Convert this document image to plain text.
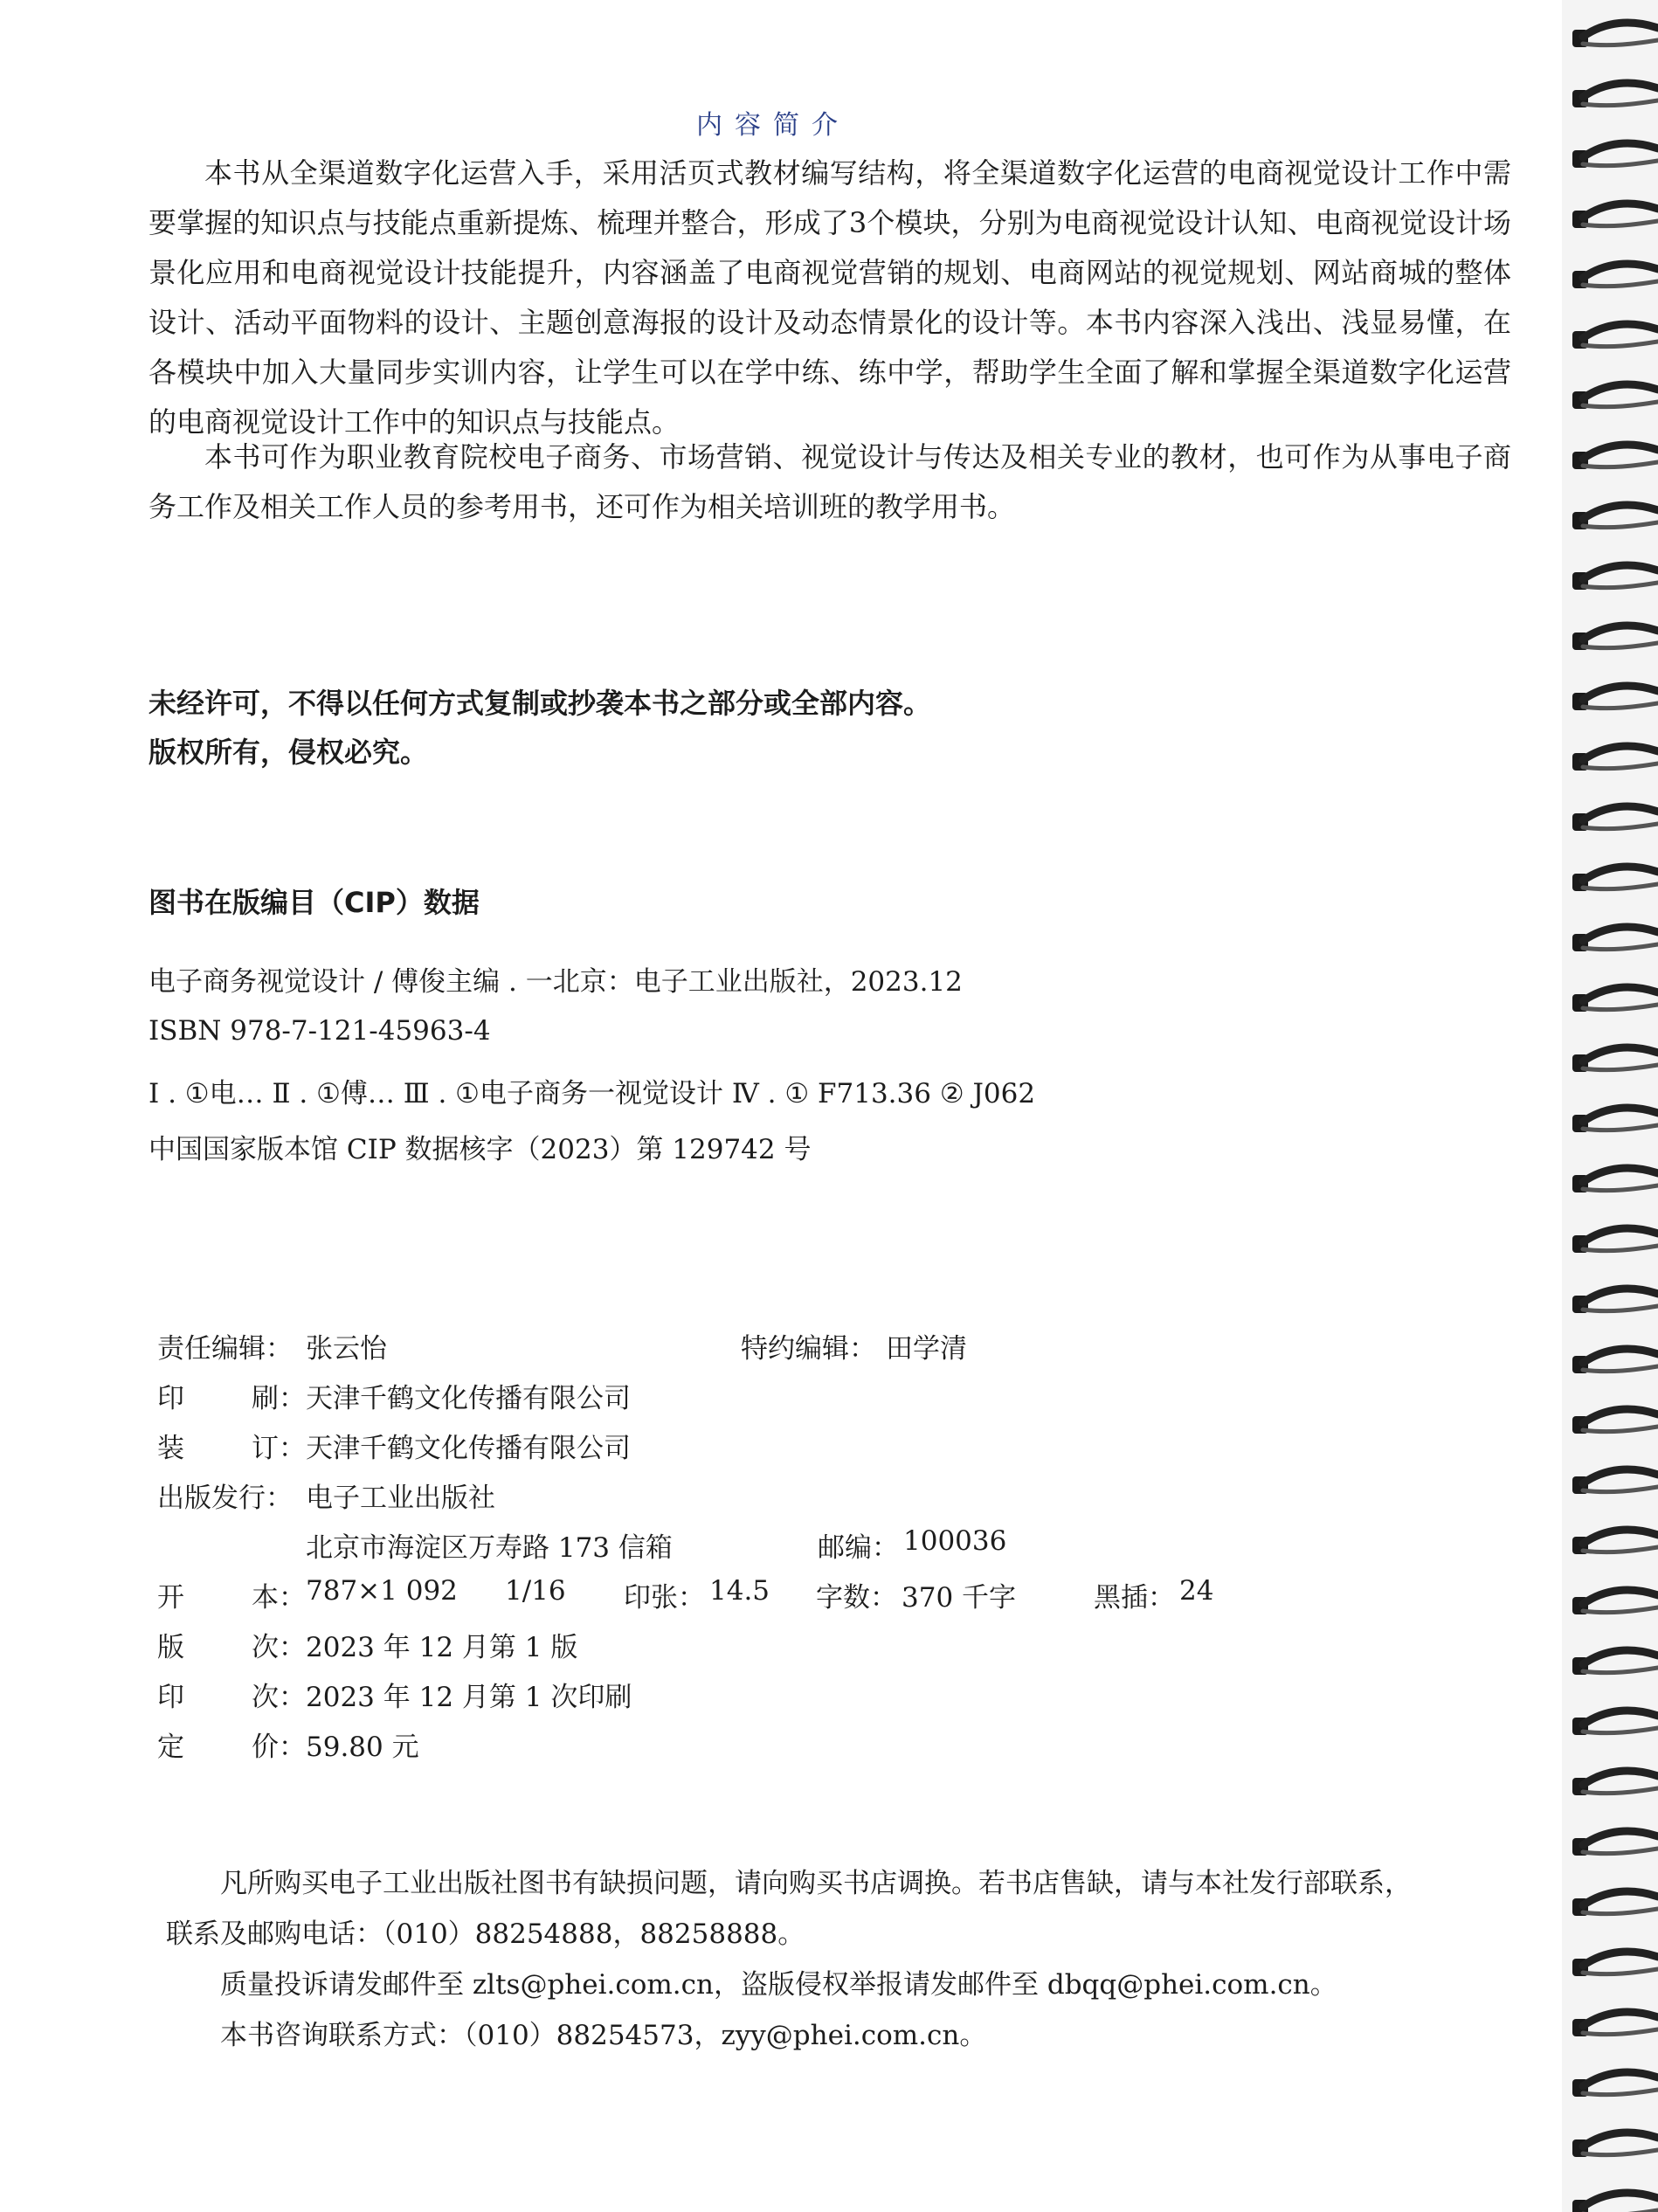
内容简介
本书从全渠道数字化运营入手，采用活页式教材编写结构，将全渠道数字化运营的电商视觉设计工作中需要掌握的知识点与技能点重新提炼、梳理并整合，形成了3个模块，分别为电商视觉设计认知、电商视觉设计场景化应用和电商视觉设计技能提升，内容涵盖了电商视觉营销的规划、电商网站的视觉规划、网站商城的整体设计、活动平面物料的设计、主题创意海报的设计及动态情景化的设计等。本书内容深入浅出、浅显易懂，在各模块中加入大量同步实训内容，让学生可以在学中练、练中学，帮助学生全面了解和掌握全渠道数字化运营的电商视觉设计工作中的知识点与技能点。
本书可作为职业教育院校电子商务、市场营销、视觉设计与传达及相关专业的教材，也可作为从事电子商务工作及相关工作人员的参考用书，还可作为相关培训班的教学用书。
未经许可，不得以任何方式复制或抄袭本书之部分或全部内容。
版权所有，侵权必究。
图书在版编目（CIP）数据
电子商务视觉设计 / 傅俊主编 . 一北京：电子工业出版社，2023.12
ISBN 978-7-121-45963-4
Ⅰ . ①电… Ⅱ . ①傅… Ⅲ . ①电子商务一视觉设计 Ⅳ . ① F713.36 ② J062
中国国家版本馆 CIP 数据核字（2023）第 129742 号
责任编辑： 张云怡	特约编辑： 田学清
印 刷： 天津千鹤文化传播有限公司
装 订： 天津千鹤文化传播有限公司
出版发行： 电子工业出版社
北京市海淀区万寿路 173 信箱	邮编： 100036
开 本： 787×1 092 1/16 印张： 14.5 字数： 370 千字	黑插： 24
版 次： 2023 年 12 月第 1 版
印 次： 2023 年 12 月第 1 次印刷
定 价： 59.80 元
凡所购买电子工业出版社图书有缺损问题，请向购买书店调换。若书店售缺，请与本社发行部联系，
联系及邮购电话：（010）88254888，88258888。
质量投诉请发邮件至 zlts@phei.com.cn，盗版侵权举报请发邮件至 dbqq@phei.com.cn。
本书咨询联系方式：（010）88254573，zyy@phei.com.cn。
